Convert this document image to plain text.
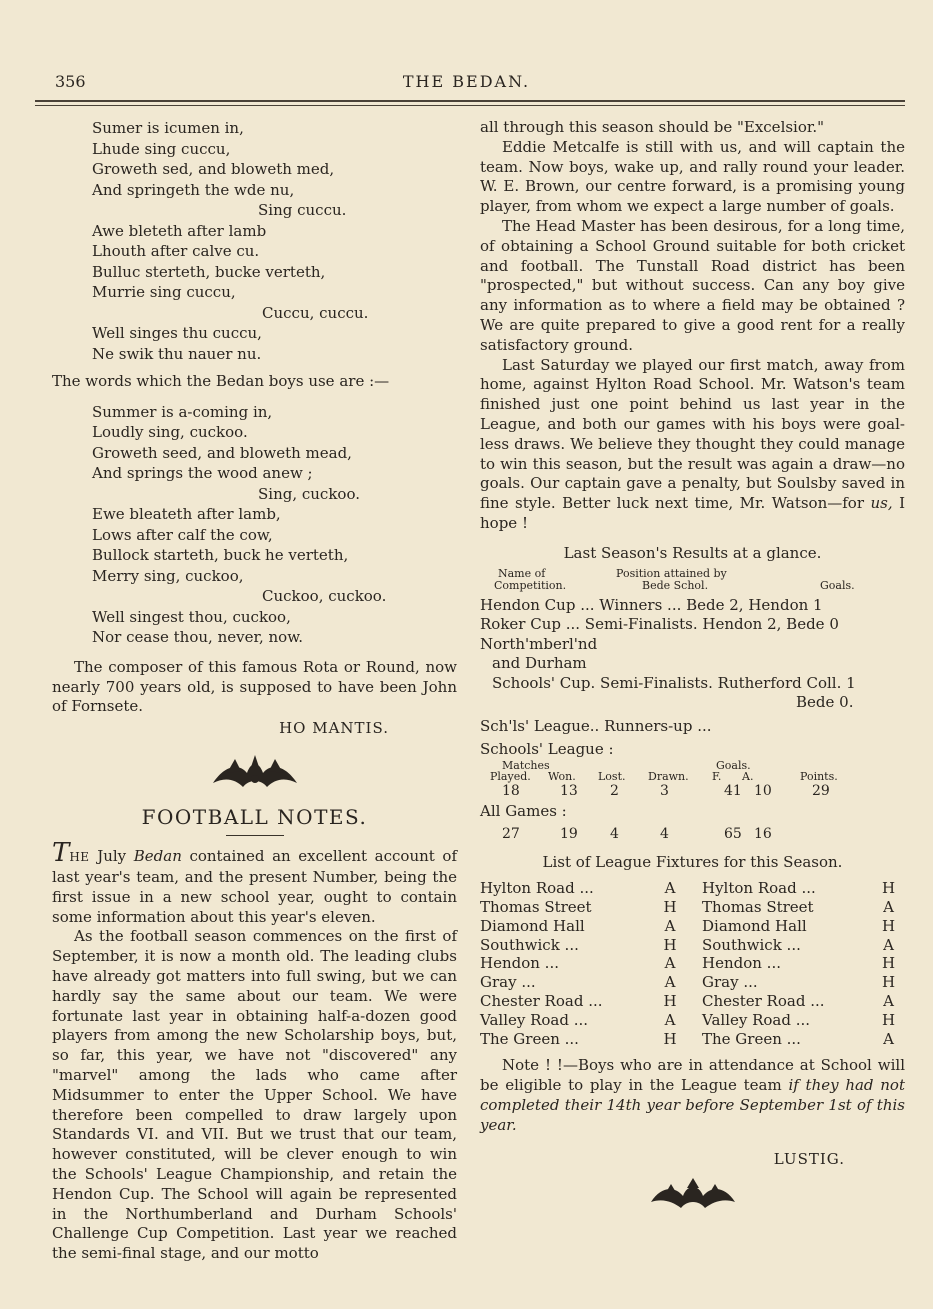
356	THE BEDAN.
Sumer is icumen in,
Lhude sing cuccu,
Groweth sed, and bloweth med,
And springeth the wde nu,
Sing cuccu.
Awe bleteth after lamb
Lhouth after calve cu.
Bulluc sterteth, bucke verteth,
Murrie sing cuccu,
Cuccu, cuccu.
Well singes thu cuccu,
Ne swik thu nauer nu.

The words which the Bedan boys use are :—

Summer is a-coming in,
Loudly sing, cuckoo.
Groweth seed, and bloweth mead,
And springs the wood anew ;
Sing, cuckoo.
Ewe bleateth after lamb,
Lows after calf the cow,
Bullock starteth, buck he verteth,
Merry sing, cuckoo,
Cuckoo, cuckoo.
Well singest thou, cuckoo,
Nor cease thou, never, now.

The composer of this famous Rota or Round, now nearly 700 years old, is supposed to have been John of Fornsete.

HO MANTIS.
FOOTBALL NOTES.

THE July Bedan contained an excellent account of last year's team, and the present Number, being the first issue in a new school year, ought to contain some information about this year's eleven.

As the football season commences on the first of September, it is now a month old. The leading clubs have already got matters into full swing, but we can hardly say the same about our team. We were fortunate last year in obtaining half-a-dozen good players from among the new Scholarship boys, but, so far, this year, we have not "discovered" any "marvel" among the lads who came after Midsummer to enter the Upper School. We have therefore been compelled to draw largely upon Standards VI. and VII. But we trust that our team, however constituted, will be clever enough to win the Schools' League Championship, and retain the Hendon Cup. The School will again be represented in the Northumberland and Durham Schools' Challenge Cup Competition. Last year we reached the semi-final stage, and our motto

all through this season should be "Excelsior."

Eddie Metcalfe is still with us, and will captain the team. Now boys, wake up, and rally round your leader. W. E. Brown, our centre forward, is a promising young player, from whom we expect a large number of goals.

The Head Master has been desirous, for a long time, of obtaining a School Ground suitable for both cricket and football. The Tunstall Road district has been "prospected," but without success. Can any boy give any information as to where a field may be obtained ? We are quite prepared to give a good rent for a really satisfactory ground.

Last Saturday we played our first match, away from home, against Hylton Road School. Mr. Watson's team finished just one point behind us last year in the League, and both our games with his boys were goal-less draws. We believe they thought they could manage to win this season, but the result was again a draw—no goals. Our captain gave a penalty, but Soulsby saved in fine style. Better luck next time, Mr. Watson—for us, I hope !

Last Season's Results at a glance.
Name of
Competition.
Position attained by
Bede Schol.	Goals.
Hendon Cup ... Winners ... Bede 2, Hendon 1
Roker Cup ... Semi-Finalists. Hendon 2, Bede 0
North'mberl'nd
and Durham
Schools' Cup. Semi-Finalists. Rutherford Coll. 1
Bede 0.
Sch'ls' League.. Runners-up ...
Schools' League :
Matches	Goals.
Played. Won. Lost. Drawn. F. A.	Points.
18	13 2	3	41 10	29
All Games :
27	19 4	4	65 16
List of League Fixtures for this Season.
Hylton Road ...	A	Hylton Road ...	H
Thomas Street	H	Thomas Street	A
Diamond Hall	A	Diamond Hall	H
Southwick ...	H	Southwick ...	A
Hendon ...	A	Hendon ...	H
Gray ...	A	Gray ...	H
Chester Road ...	H	Chester Road ...	A
Valley Road ...	A	Valley Road ...	H
The Green ...	H	The Green ...	A

Note ! !—Boys who are in attendance at School will be eligible to play in the League team if they had not completed their 14th year before September 1st of this year.

LUSTIG.
